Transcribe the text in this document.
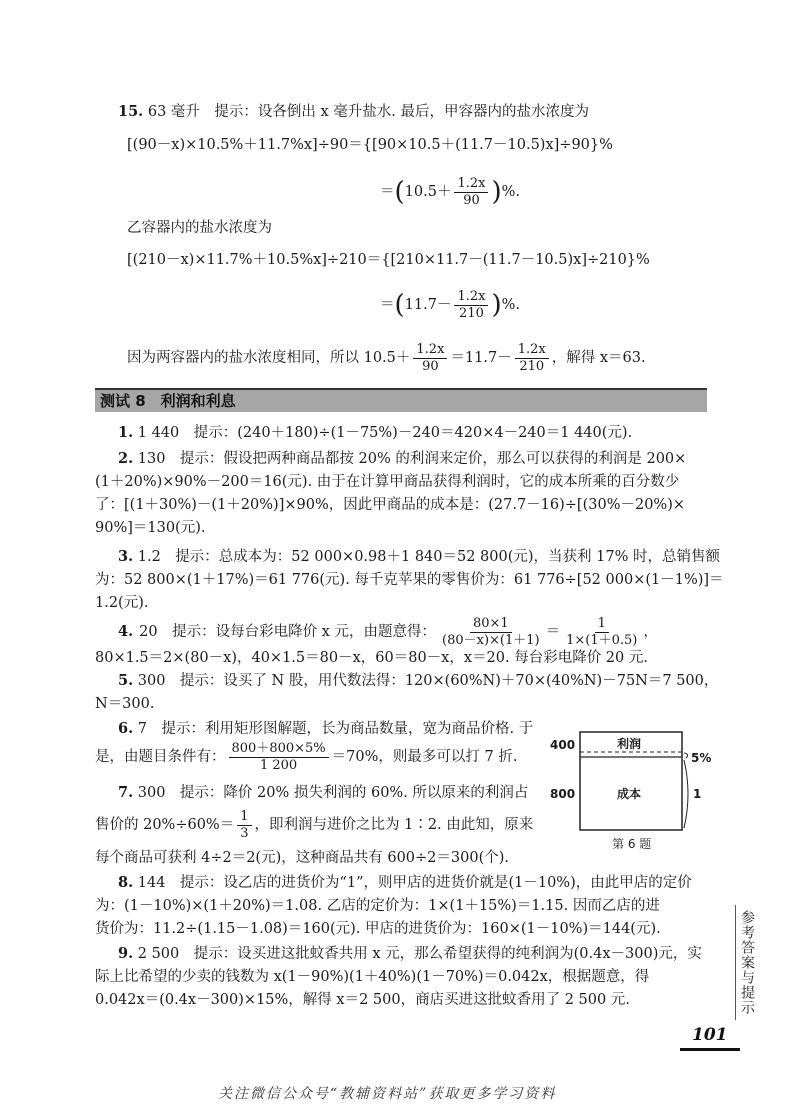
15. 63 毫升　提示：设各倒出 x 毫升盐水. 最后，甲容器内的盐水浓度为
[(90－x)×10.5%＋11.7%x]÷90＝{[90×10.5＋(11.7－10.5)x]÷90}%
＝ ( $10.5+ \frac{1.2x}{90}$ ) %.
乙容器内的盐水浓度为
[(210－x)×11.7%＋10.5%x]÷210＝{[210×11.7－(11.7－10.5)x]÷210}%
＝ ( $11.7- \frac{1.2x}{210}$ ) %.
因为两容器内的盐水浓度相同，所以 $10.5+ \frac{1.2x}{90} =11.7- \frac{1.2x}{210}$ ，解得 x＝63.
测试 8　利润和利息
1. 1 440　提示：(240＋180)÷(1－75%)－240＝420×4－240＝1 440(元).
2. 130　提示：假设把两种商品都按 20% 的利润来定价，那么可以获得的利润是 200×
(1＋20%)×90%－200＝16(元). 由于在计算甲商品获得利润时，它的成本所乘的百分数少
了：[(1＋30%)－(1＋20%)]×90%，因此甲商品的成本是：(27.7－16)÷[(30%－20%)×
90%]＝130(元).
3. 1.2　提示：总成本为：52 000×0.98＋1 840＝52 800(元)，当获利 17% 时，总销售额
为：52 800×(1＋17%)＝61 776(元). 每千克苹果的零售价为：61 776÷[52 000×(1－1%)]＝
1.2(元).
4. 20　提示：设每台彩电降价 x 元，由题意得： $\frac{80\times 1}{(80-x)\times(1+1)} = \frac{1}{1\times(1+0.5)}$ ，
80×1.5＝2×(80－x)，40×1.5＝80－x，60＝80－x，x＝20. 每台彩电降价 20 元.
5. 300　提示：设买了 N 股，用代数法得：120×(60%N)＋70×(40%N)－75N＝7 500，
N＝300.
6. 7　提示：利用矩形图解题，长为商品数量，宽为商品价格. 于
是，由题目条件有： $\frac{800+800\times 5\%}{1 200} =70\%$，则最多可以打 7 折.
7. 300　提示：降价 20% 损失利润的 60%. 所以原来的利润占
售价的 $20\%\div 60\%= \frac{1}{3}$ ，即利润与进价之比为 1∶2. 由此知，原来
每个商品可获利 4÷2＝2(元)，这种商品共有 600÷2＝300(个).
400
800
利润
成本
5%
1
第 6 题
8. 144　提示：设乙店的进货价为“1”，则甲店的进货价就是(1－10%)，由此甲店的定价
为：(1－10%)×(1＋20%)＝1.08. 乙店的定价为：1×(1＋15%)＝1.15. 因而乙店的进
货价为：11.2÷(1.15－1.08)＝160(元). 甲店的进货价为：160×(1－10%)＝144(元).
9. 2 500　提示：设买进这批蚊香共用 x 元，那么希望获得的纯利润为(0.4x－300)元，实
际上比希望的少卖的钱数为 x(1－90%)(1＋40%)(1－70%)＝0.042x，根据题意，得
0.042x＝(0.4x－300)×15%，解得 x＝2 500，商店买进这批蚊香用了 2 500 元.	参考答案与提示
101
关注微信公众号“教辅资料站”获取更多学习资料
